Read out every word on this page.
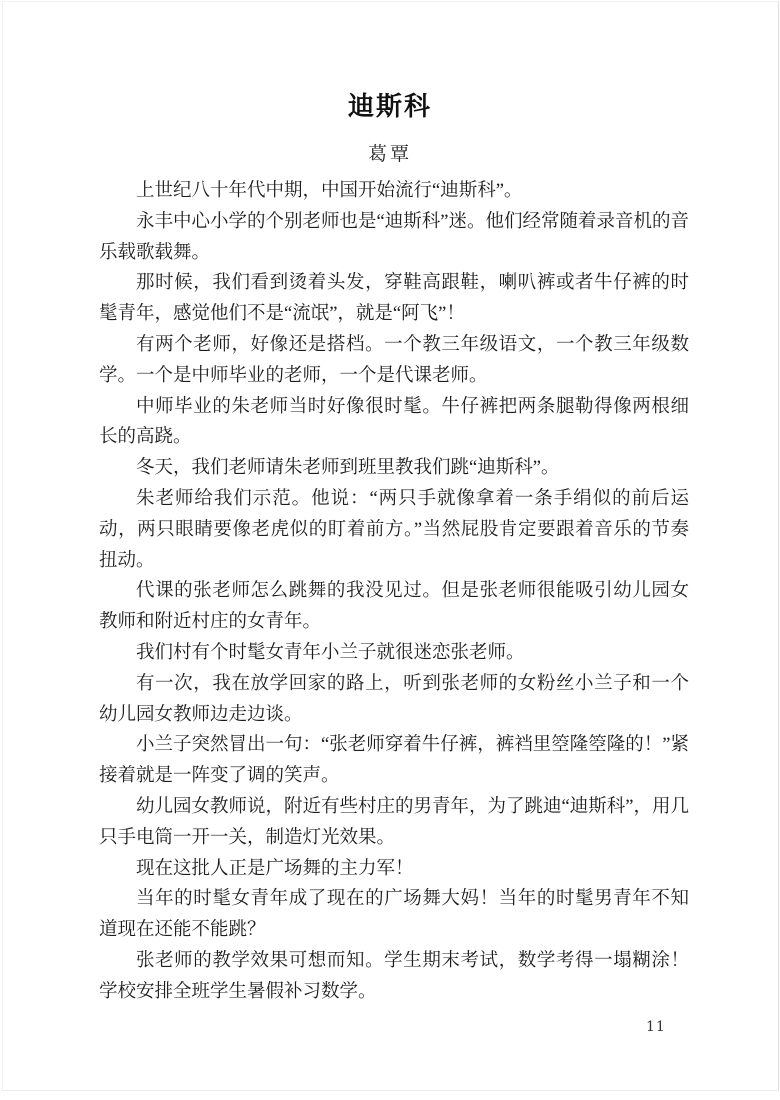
迪斯科
葛覃

上世纪八十年代中期，中国开始流行“迪斯科”。

永丰中心小学的个别老师也是“迪斯科”迷。他们经常随着录音机的音乐载歌载舞。

那时候，我们看到烫着头发，穿鞋高跟鞋，喇叭裤或者牛仔裤的时髦青年，感觉他们不是“流氓”，就是“阿飞”！

有两个老师，好像还是搭档。一个教三年级语文，一个教三年级数学。一个是中师毕业的老师，一个是代课老师。

中师毕业的朱老师当时好像很时髦。牛仔裤把两条腿勒得像两根细长的高跷。

冬天，我们老师请朱老师到班里教我们跳“迪斯科”。

朱老师给我们示范。他说：“两只手就像拿着一条手绢似的前后运动，两只眼睛要像老虎似的盯着前方。”当然屁股肯定要跟着音乐的节奏扭动。

代课的张老师怎么跳舞的我没见过。但是张老师很能吸引幼儿园女教师和附近村庄的女青年。

我们村有个时髦女青年小兰子就很迷恋张老师。

有一次，我在放学回家的路上，听到张老师的女粉丝小兰子和一个幼儿园女教师边走边谈。

小兰子突然冒出一句：“张老师穿着牛仔裤，裤裆里箜隆箜隆的！”紧接着就是一阵变了调的笑声。

幼儿园女教师说，附近有些村庄的男青年，为了跳迪“迪斯科”，用几只手电筒一开一关，制造灯光效果。

现在这批人正是广场舞的主力军！

当年的时髦女青年成了现在的广场舞大妈！当年的时髦男青年不知道现在还能不能跳？

张老师的教学效果可想而知。学生期末考试，数学考得一塌糊涂！学校安排全班学生暑假补习数学。

11
